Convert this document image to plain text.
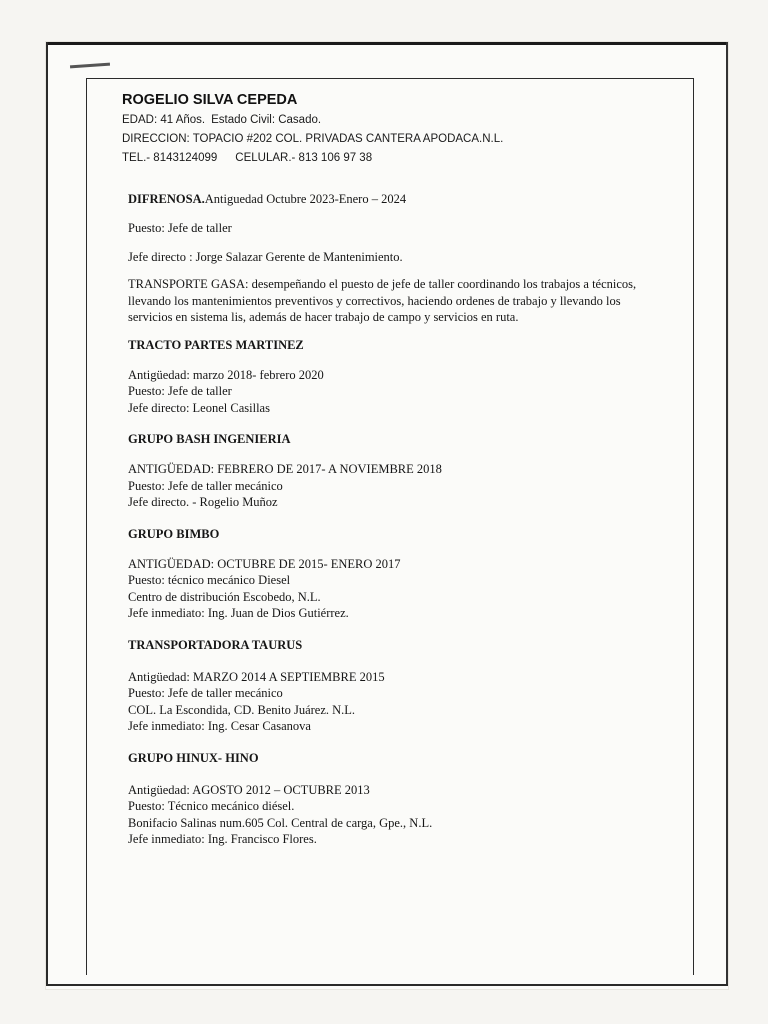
ROGELIO SILVA CEPEDA
EDAD: 41 Años. Estado Civil: Casado.
DIRECCION: TOPACIO #202 COL. PRIVADAS CANTERA APODACA.N.L.
TEL.- 8143124099 CELULAR.- 813 106 97 38

DIFRENOSA.Antiguedad Octubre 2023-Enero – 2024

Puesto: Jefe de taller

Jefe directo : Jorge Salazar Gerente de Mantenimiento.

TRANSPORTE GASA: desempeñando el puesto de jefe de taller coordinando los trabajos a técnicos, llevando los mantenimientos preventivos y correctivos, haciendo ordenes de trabajo y llevando los servicios en sistema lis, además de hacer trabajo de campo y servicios en ruta.

TRACTO PARTES MARTINEZ

Antigüedad: marzo 2018- febrero 2020

Puesto: Jefe de taller

Jefe directo: Leonel Casillas

GRUPO BASH INGENIERIA

ANTIGÜEDAD: FEBRERO DE 2017- A NOVIEMBRE 2018

Puesto: Jefe de taller mecánico

Jefe directo. - Rogelio Muñoz

GRUPO BIMBO

ANTIGÜEDAD: OCTUBRE DE 2015- ENERO 2017

Puesto: técnico mecánico Diesel

Centro de distribución Escobedo, N.L.

Jefe inmediato: Ing. Juan de Dios Gutiérrez.

TRANSPORTADORA TAURUS

Antigüedad: MARZO 2014 A SEPTIEMBRE 2015

Puesto: Jefe de taller mecánico

COL. La Escondida, CD. Benito Juárez. N.L.

Jefe inmediato: Ing. Cesar Casanova

GRUPO HINUX- HINO

Antigüedad: AGOSTO 2012 – OCTUBRE 2013

Puesto: Técnico mecánico diésel.

Bonifacio Salinas num.605 Col. Central de carga, Gpe., N.L.

Jefe inmediato: Ing. Francisco Flores.
